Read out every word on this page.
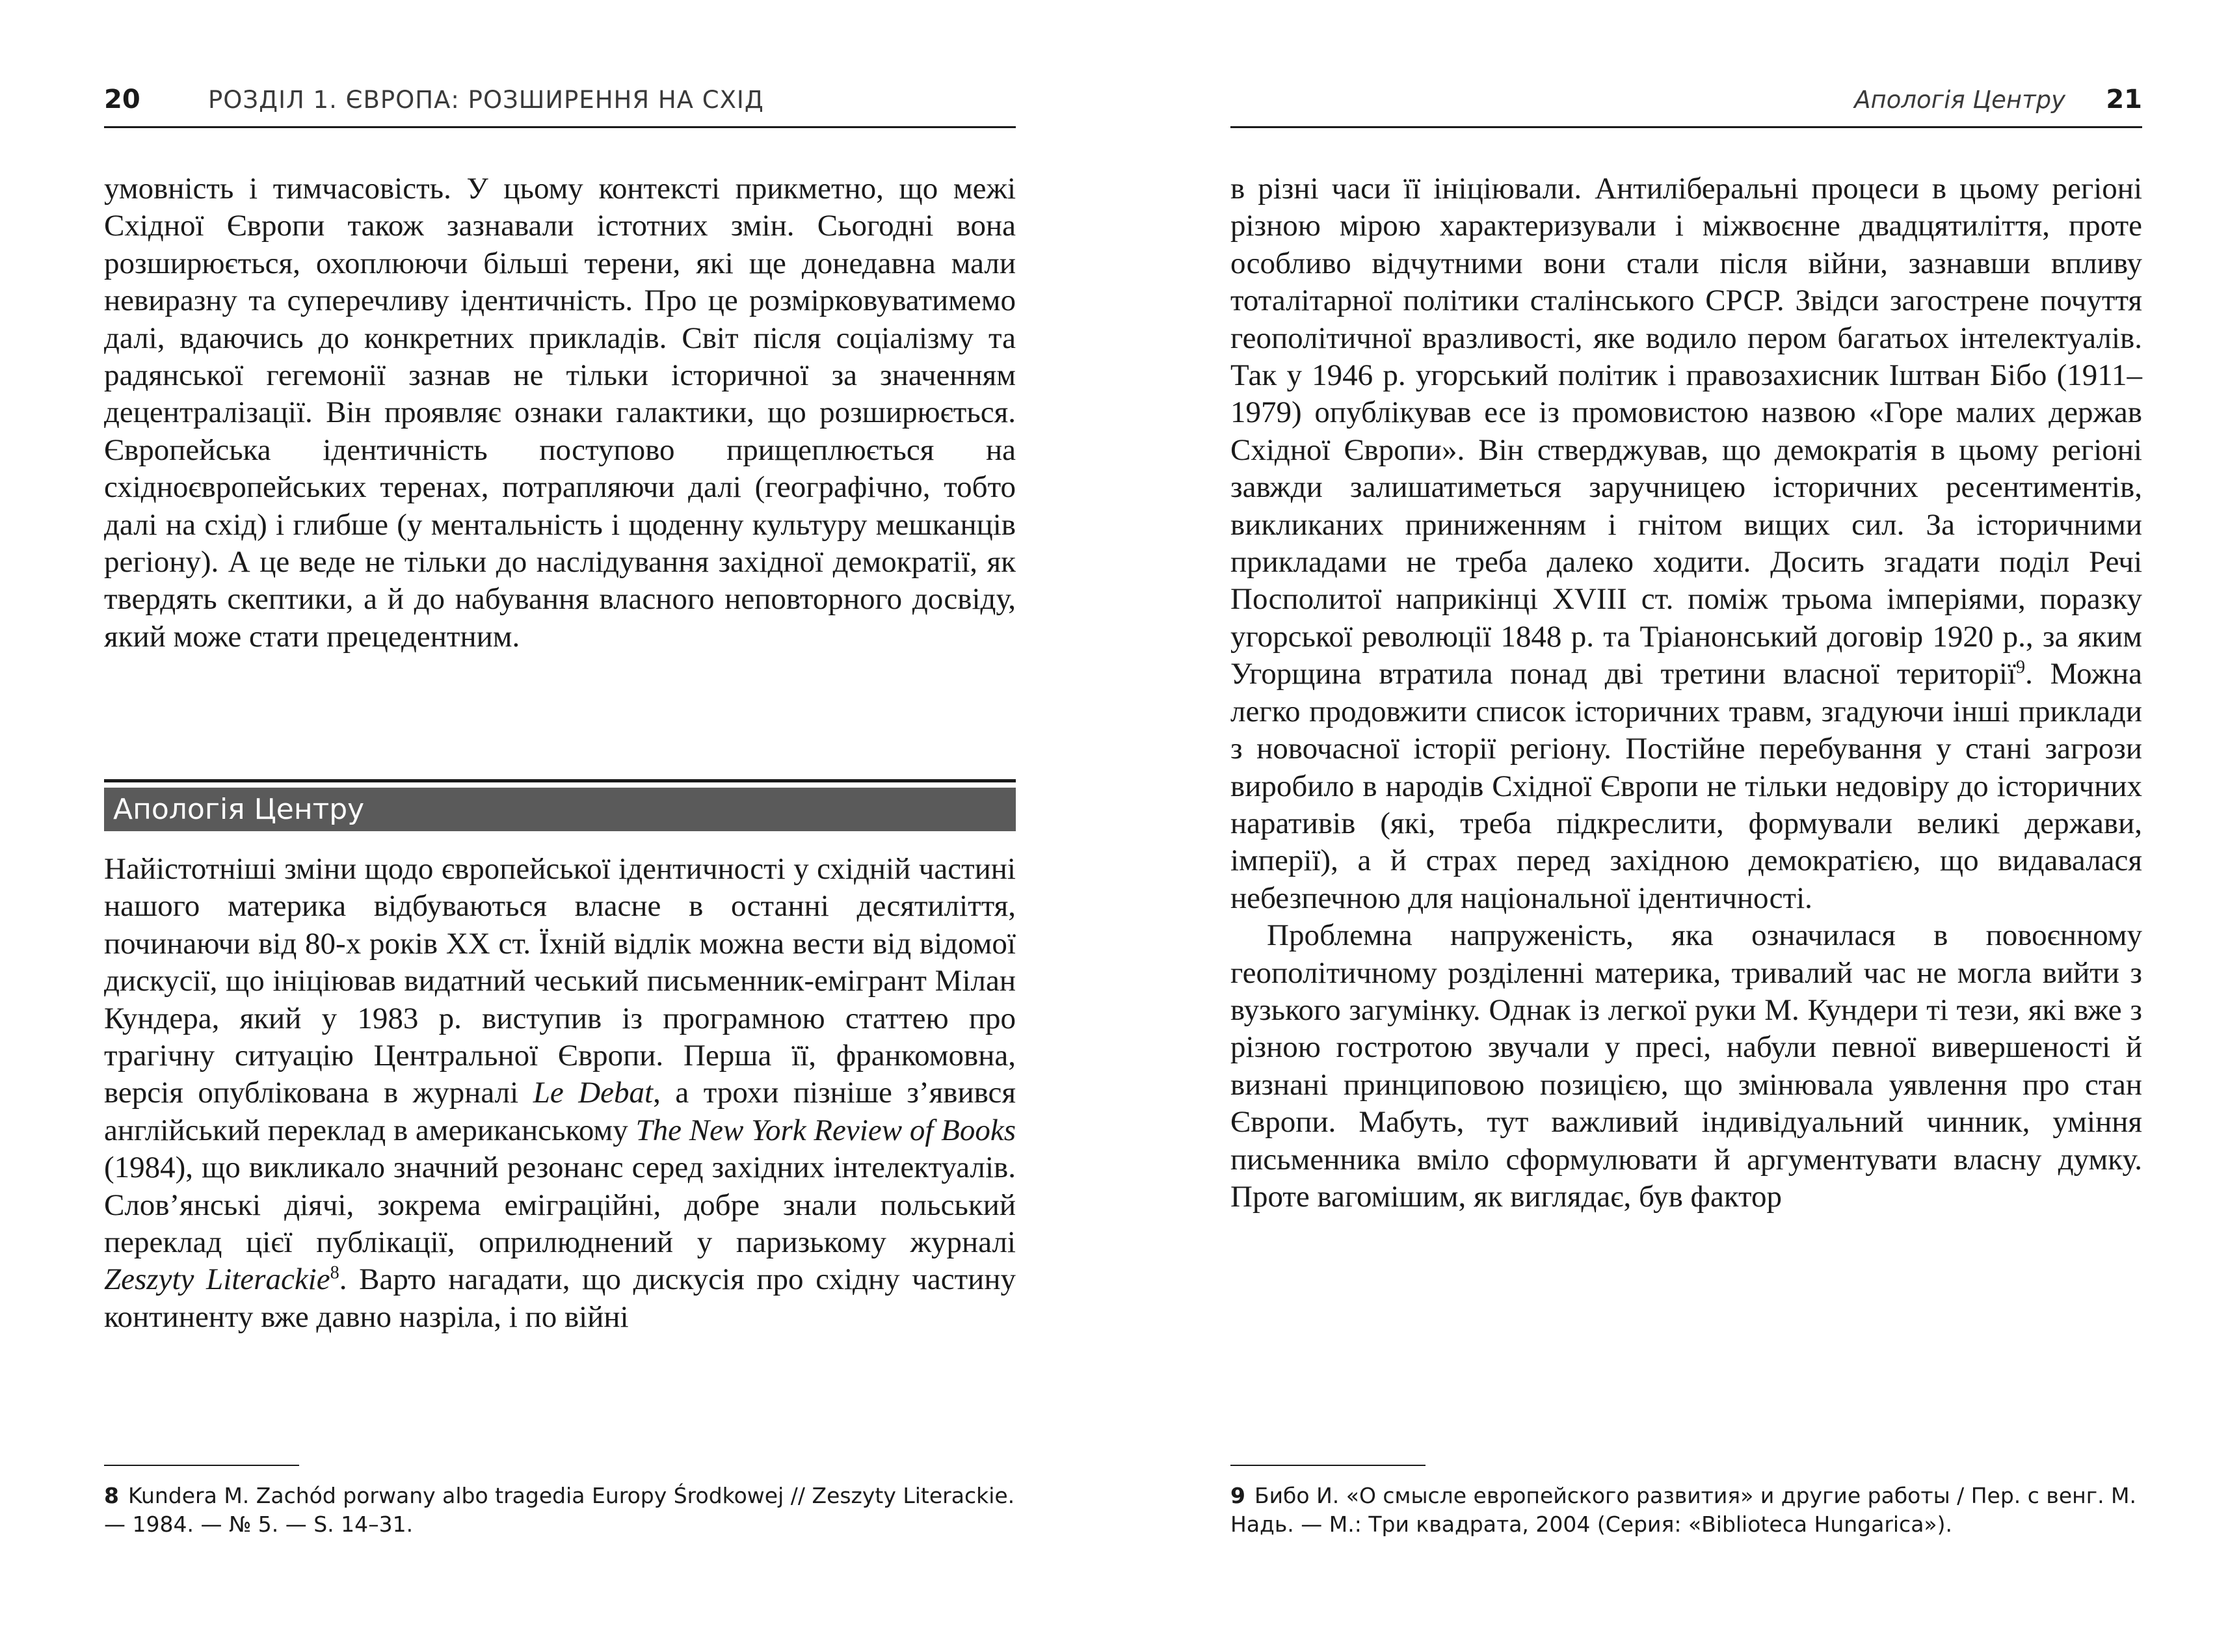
20	РОЗДІЛ 1. ЄВРОПА: РОЗШИРЕННЯ НА СХІД

умовність і тимчасовість. У цьому контексті прикметно, що межі Східної Європи також зазнавали істотних змін. Сьогодні вона розширюється, охоплюючи більші терени, які ще донедавна мали невиразну та суперечливу ідентичність. Про це розмірковуватимемо далі, вдаючись до конкретних прикладів. Світ після соціалізму та радянської гегемонії зазнав не тільки історичної за значенням децентралізації. Він проявляє ознаки галактики, що розширюється. Європейська ідентичність поступово прищеплюється на східноєвропейських теренах, потрапляючи далі (географічно, тобто далі на схід) і глибше (у ментальність і щоденну культуру мешканців регіону). А це веде не тільки до наслідування західної демократії, як твердять скептики, а й до набування власного неповторного досвіду, який може стати прецедентним.

Апологія Центру

Найістотніші зміни щодо європейської ідентичності у східній частині нашого материка відбуваються власне в останні десятиліття, починаючи від 80-х років XX ст. Їхній відлік можна вести від відомої дискусії, що ініціював видатний чеський письменник-емігрант Мілан Кундера, який у 1983 р. виступив із програмною статтею про трагічну ситуацію Центральної Європи. Перша її, франкомовна, версія опублікована в журналі Le Debat, а трохи пізніше з’явився англійський переклад в американському The New York Review of Books (1984), що викликало значний резонанс серед західних інтелектуалів. Слов’янські діячі, зокрема еміграційні, добре знали польський переклад цієї публікації, оприлюднений у паризькому журналі Zeszyty Literackie$^8$. Варто нагадати, що дискусія про східну частину континенту вже давно назріла, і по війні

8 Kundera M. Zachód porwany albo tragedia Europy Środkowej // Zeszyty Literackie. — 1984. — № 5. — S. 14–31.
Апологія Центру 21

в різні часи її ініціювали. Антиліберальні процеси в цьому регіоні різною мірою характеризували і міжвоєнне двадцятиліття, проте особливо відчутними вони стали після війни, зазнавши впливу тоталітарної політики сталінського СРСР. Звідси загострене почуття геополітичної вразливості, яке водило пером багатьох інтелектуалів. Так у 1946 р. угорський політик і правозахисник Іштван Бібо (1911–1979) опублікував есе із промовистою назвою «Горе малих держав Східної Європи». Він стверджував, що демократія в цьому регіоні завжди залишатиметься заручницею історичних ресентиментів, викликаних приниженням і гнітом вищих сил. За історичними прикладами не треба далеко ходити. Досить згадати поділ Речі Посполитої наприкінці XVIII ст. поміж трьома імперіями, поразку угорської революції 1848 р. та Тріанонський договір 1920 р., за яким Угорщина втратила понад дві третини власної території$^9$. Можна легко продовжити список історичних травм, згадуючи інші приклади з новочасної історії регіону. Постійне перебування у стані загрози виробило в народів Східної Європи не тільки недовіру до історичних наративів (які, треба підкреслити, формували великі держави, імперії), а й страх перед західною демократією, що видавалася небезпечною для національної ідентичності.

Проблемна напруженість, яка означилася в повоєнному геополітичному розділенні материка, тривалий час не могла вийти з вузького загумінку. Однак із легкої руки М. Кундери ті тези, які вже з різною гостротою звучали у пресі, набули певної вивершеності й визнані принциповою позицією, що змінювала уявлення про стан Європи. Мабуть, тут важливий індивідуальний чинник, уміння письменника вміло сформулювати й аргументувати власну думку. Проте вагомішим, як виглядає, був фактор

9 Бибо И. «О смысле европейского развития» и другие работы / Пер. с венг. М. Надь. — М.: Три квадрата, 2004 (Серия: «Biblioteca Hungarica»).
